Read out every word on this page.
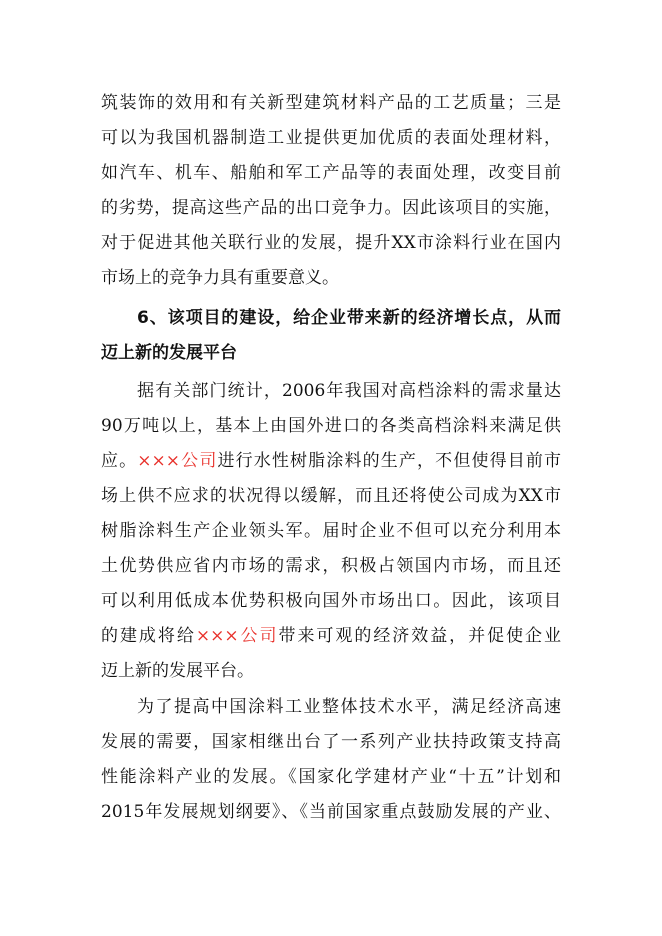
筑装饰的效用和有关新型建筑材料产品的工艺质量；三是
可以为我国机器制造工业提供更加优质的表面处理材料，
如汽车、机车、船舶和军工产品等的表面处理，改变目前
的劣势，提高这些产品的出口竞争力。因此该项目的实施，
对于促进其他关联行业的发展，提升XX市涂料行业在国内
市场上的竞争力具有重要意义。
6、该项目的建设，给企业带来新的经济增长点，从而
迈上新的发展平台
据有关部门统计，2006年我国对高档涂料的需求量达
90万吨以上，基本上由国外进口的各类高档涂料来满足供
应。×××公司进行水性树脂涂料的生产，不但使得目前市
场上供不应求的状况得以缓解，而且还将使公司成为XX市
树脂涂料生产企业领头军。届时企业不但可以充分利用本
土优势供应省内市场的需求，积极占领国内市场，而且还
可以利用低成本优势积极向国外市场出口。因此，该项目
的建成将给×××公司带来可观的经济效益，并促使企业
迈上新的发展平台。
为了提高中国涂料工业整体技术水平，满足经济高速
发展的需要，国家相继出台了一系列产业扶持政策支持高
性能涂料产业的发展。《国家化学建材产业“十五”计划和
2015年发展规划纲要》、《当前国家重点鼓励发展的产业、
